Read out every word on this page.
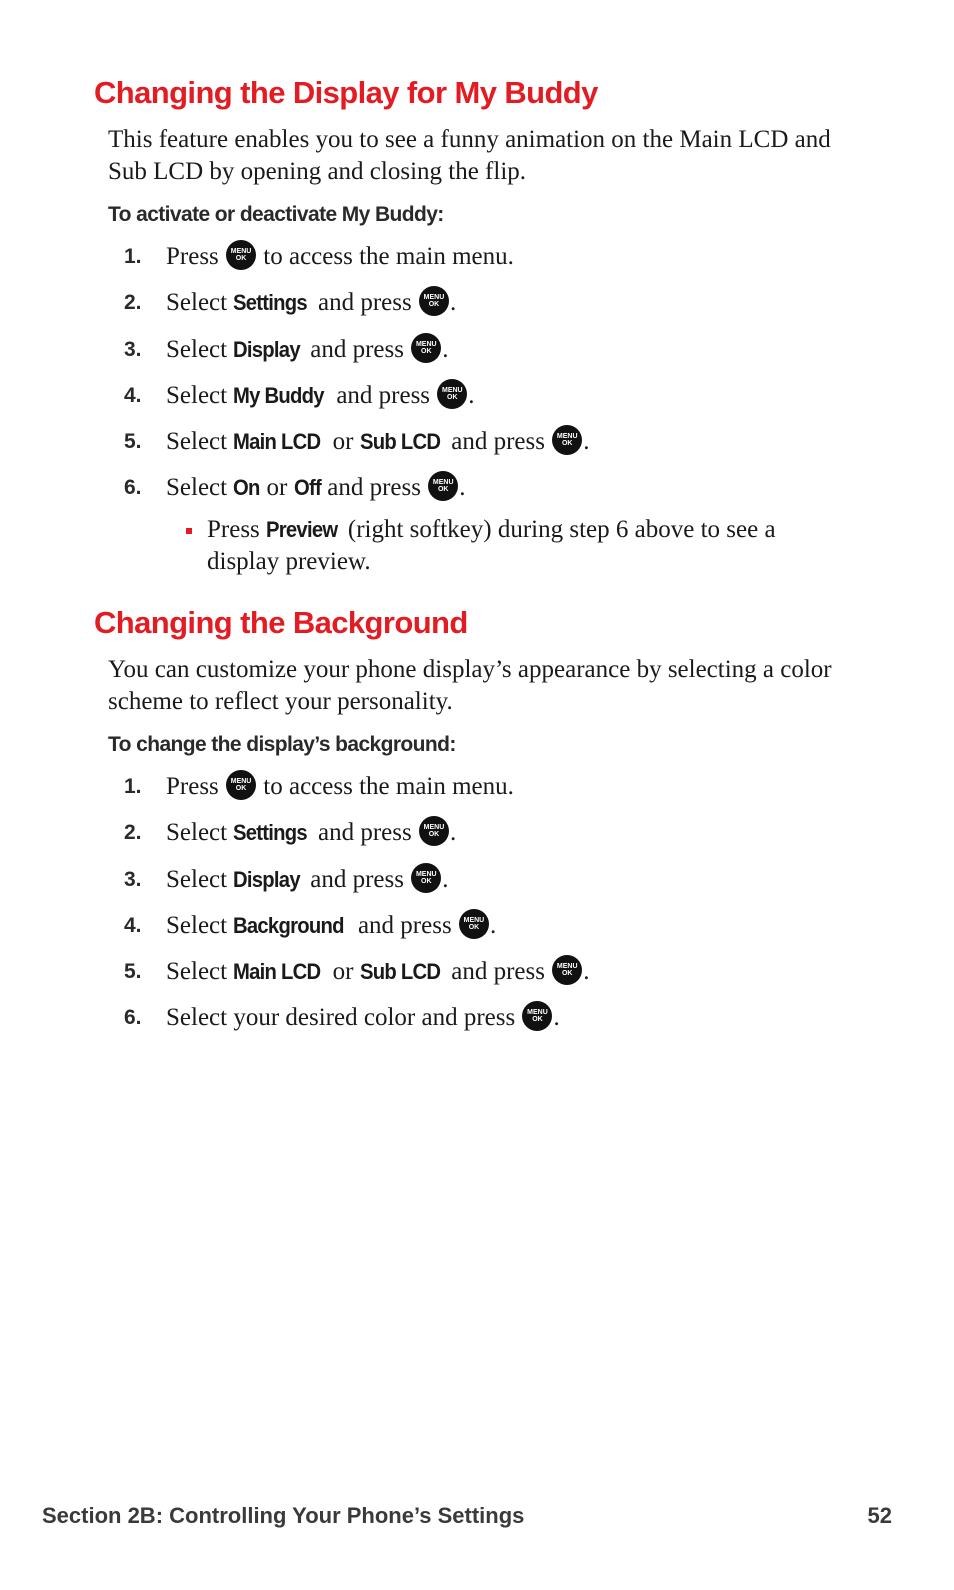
Changing the Display for My Buddy
This feature enables you to see a funny animation on the Main LCD and Sub LCD by opening and closing the flip.
To activate or deactivate My Buddy:
1. Press MENU
OK to access the main menu.
2. Select Settings and press MENU
OK .
3. Select Display and press MENU
OK .
4. Select My Buddy and press MENU
OK .
5. Select Main LCD or Sub LCD and press MENU
OK .
6. Select On or Off and press MENU
OK .
Press Preview (right softkey) during step 6 above to see a display preview.
Changing the Background
You can customize your phone display’s appearance by selecting a color scheme to reflect your personality.
To change the display’s background:
1. Press MENU
OK to access the main menu.
2. Select Settings and press MENU
OK .
3. Select Display and press MENU
OK .
4. Select Background and press MENU
OK .
5. Select Main LCD or Sub LCD and press MENU
OK .
6. Select your desired color and press MENU
OK .
Section 2B: Controlling Your Phone’s Settings	52
